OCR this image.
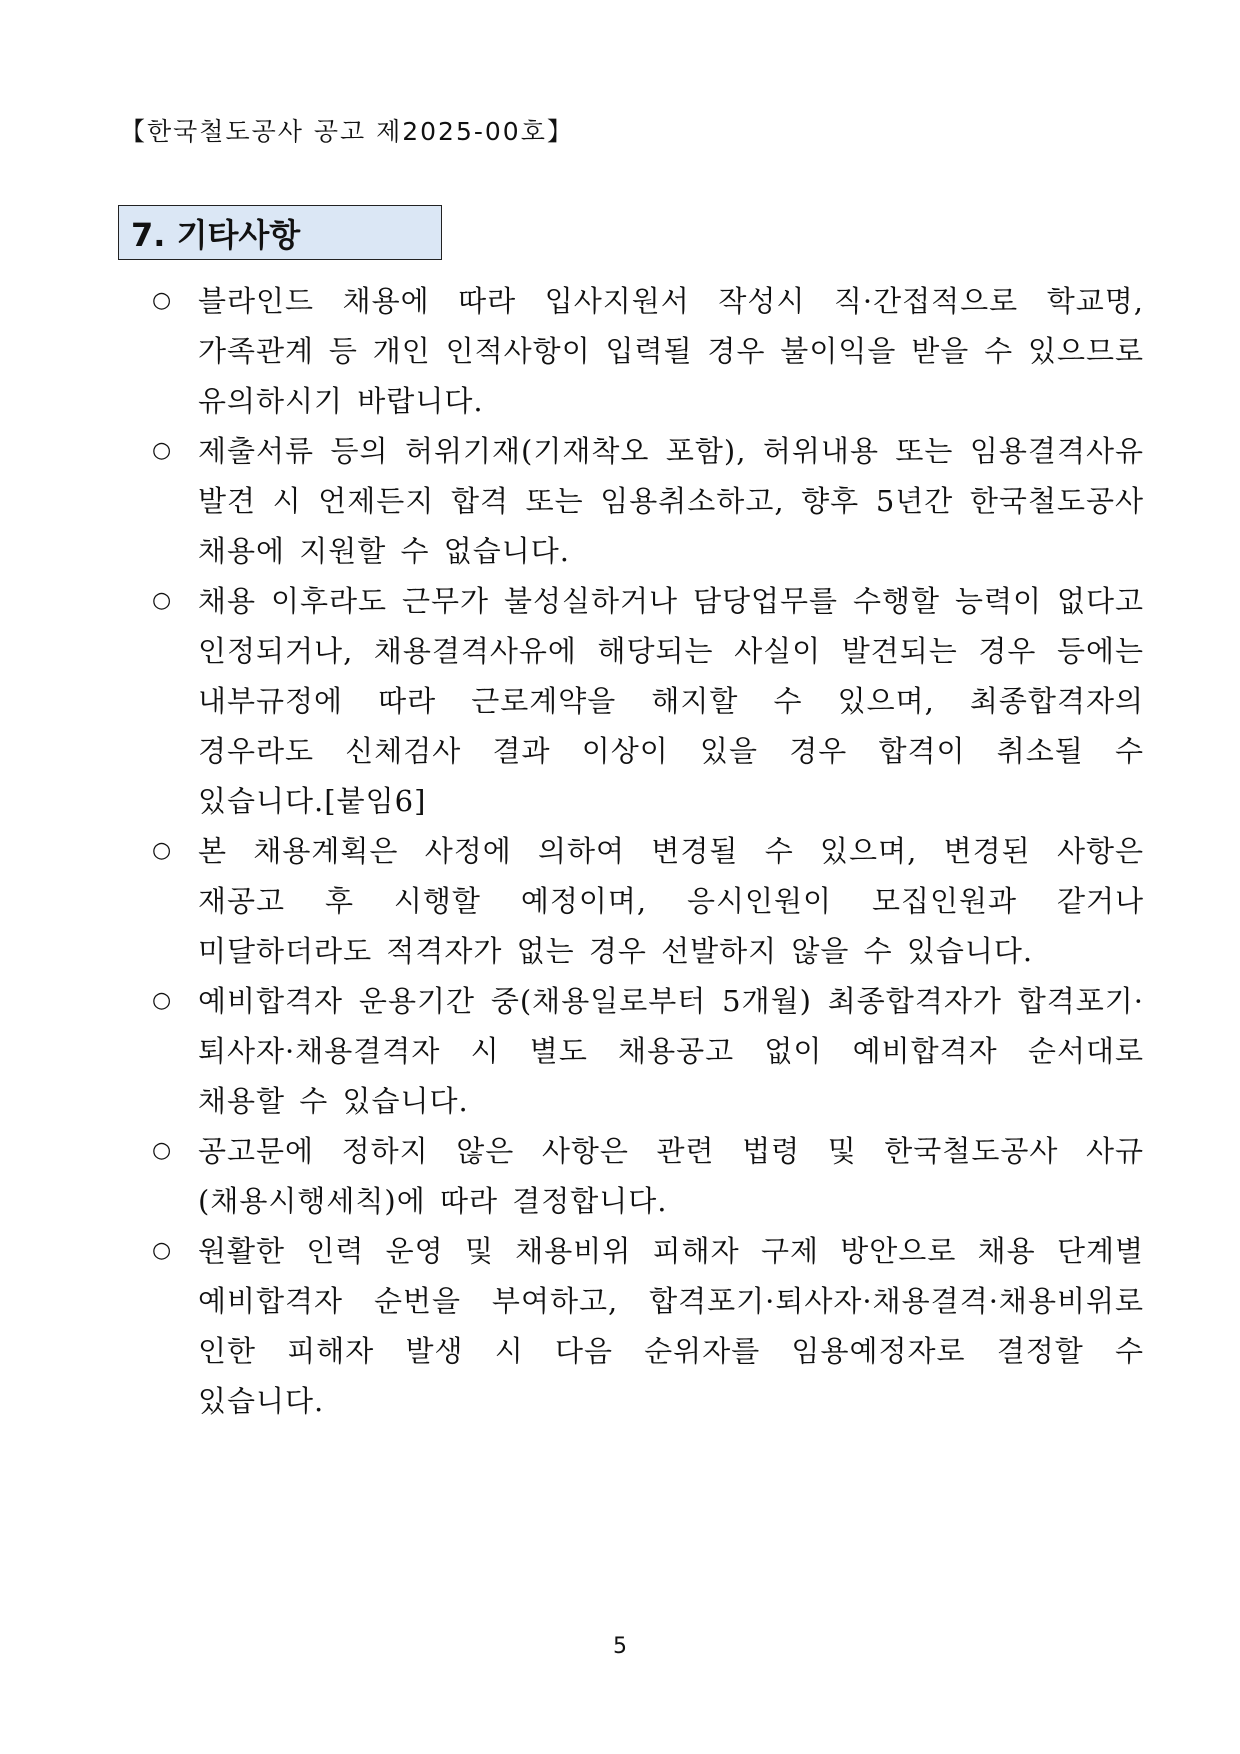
【한국철도공사 공고 제2025-00호】
7. 기타사항
○ 블라인드 채용에 따라 입사지원서 작성시 직·간접적으로 학교명, 가족관계 등 개인 인적사항이 입력될 경우 불이익을 받을 수 있으므로 유의하시기 바랍니다.
○ 제출서류 등의 허위기재(기재착오 포함), 허위내용 또는 임용결격사유 발견 시 언제든지 합격 또는 임용취소하고, 향후 5년간 한국철도공사 채용에 지원할 수 없습니다.
○ 채용 이후라도 근무가 불성실하거나 담당업무를 수행할 능력이 없다고 인정되거나, 채용결격사유에 해당되는 사실이 발견되는 경우 등에는 내부규정에 따라 근로계약을 해지할 수 있으며, 최종합격자의 경우라도 신체검사 결과 이상이 있을 경우 합격이 취소될 수 있습니다.[붙임6]
○ 본 채용계획은 사정에 의하여 변경될 수 있으며, 변경된 사항은 재공고 후 시행할 예정이며, 응시인원이 모집인원과 같거나 미달하더라도 적격자가 없는 경우 선발하지 않을 수 있습니다.
○ 예비합격자 운용기간 중(채용일로부터 5개월) 최종합격자가 합격포기·퇴사자·채용결격자 시 별도 채용공고 없이 예비합격자 순서대로 채용할 수 있습니다.
○ 공고문에 정하지 않은 사항은 관련 법령 및 한국철도공사 사규(채용시행세칙)에 따라 결정합니다.
○ 원활한 인력 운영 및 채용비위 피해자 구제 방안으로 채용 단계별 예비합격자 순번을 부여하고, 합격포기·퇴사자·채용결격·채용비위로 인한 피해자 발생 시 다음 순위자를 임용예정자로 결정할 수 있습니다.
5
